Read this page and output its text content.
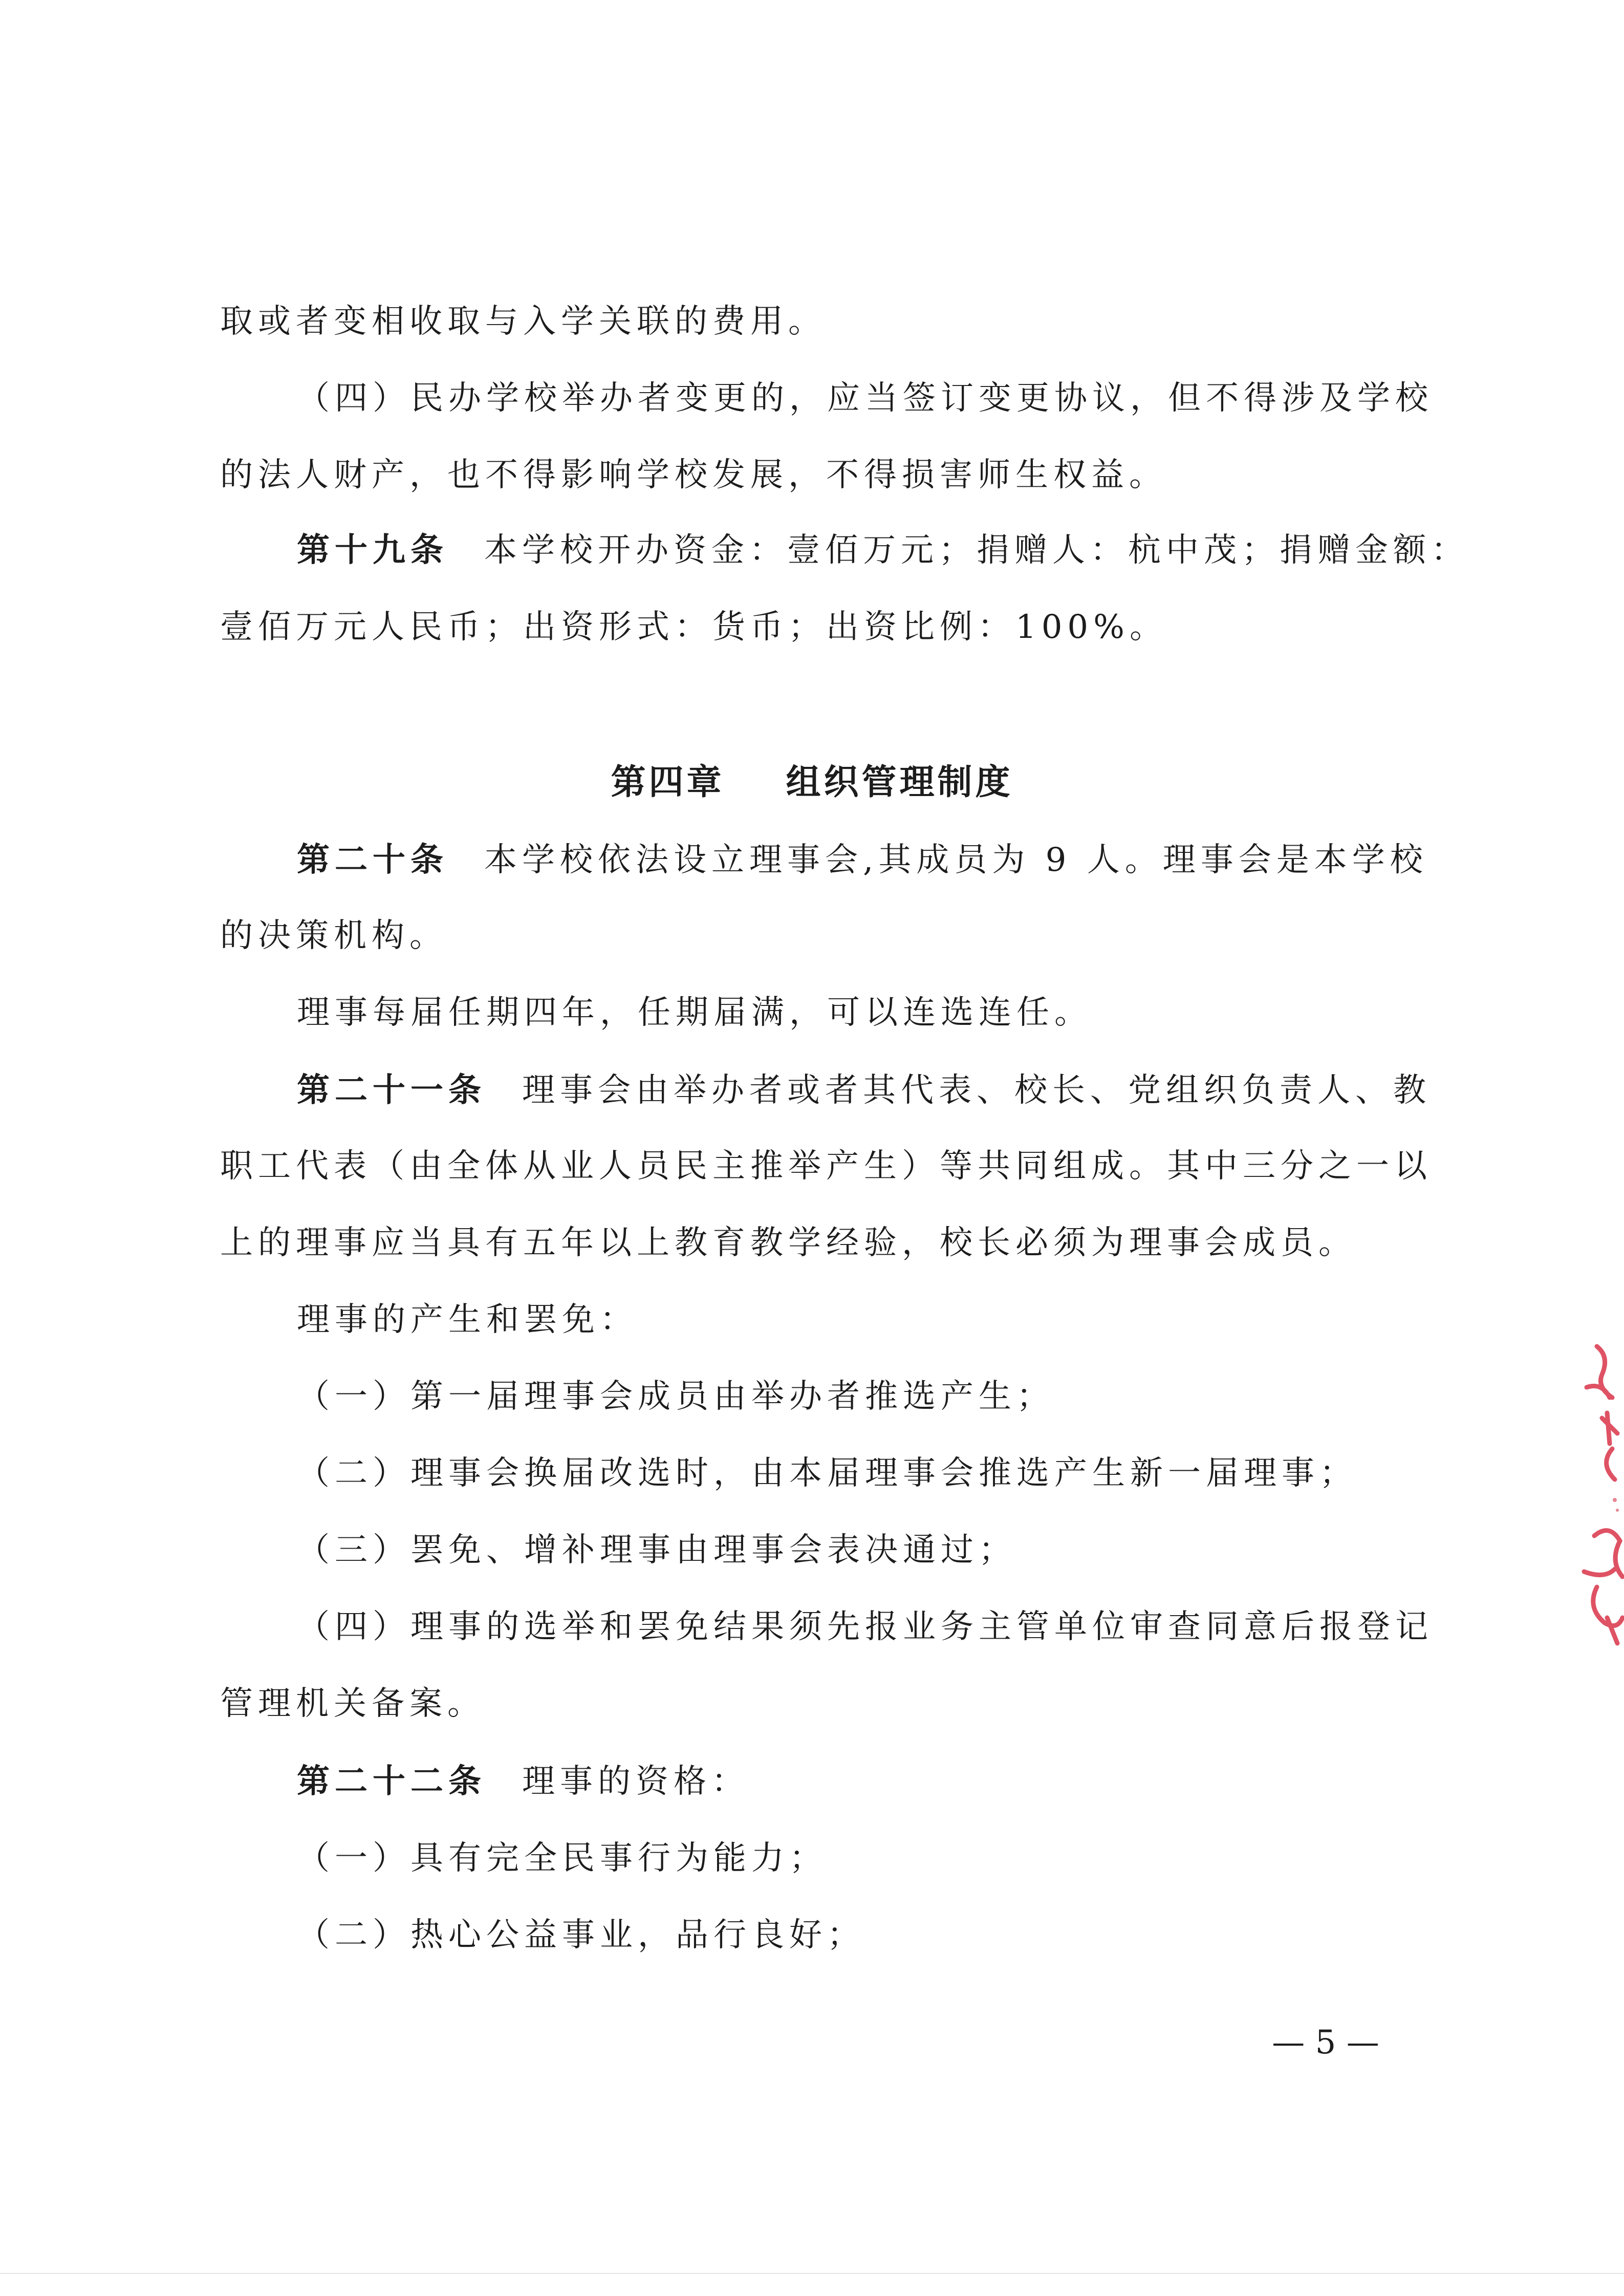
取或者变相收取与入学关联的费用。

（四）民办学校举办者变更的，应当签订变更协议，但不得涉及学校

的法人财产，也不得影响学校发展，不得损害师生权益。

第十九条 本学校开办资金：壹佰万元；捐赠人：杭中茂；捐赠金额：

壹佰万元人民币；出资形式：货币；出资比例：100%。

第四章 组织管理制度

第二十条 本学校依法设立理事会,其成员为 9 人。理事会是本学校

的决策机构。

理事每届任期四年，任期届满，可以连选连任。

第二十一条 理事会由举办者或者其代表、校长、党组织负责人、教

职工代表（由全体从业人员民主推举产生）等共同组成。其中三分之一以

上的理事应当具有五年以上教育教学经验，校长必须为理事会成员。

理事的产生和罢免：

（一）第一届理事会成员由举办者推选产生；

（二）理事会换届改选时，由本届理事会推选产生新一届理事；

（三）罢免、增补理事由理事会表决通过；

（四）理事的选举和罢免结果须先报业务主管单位审查同意后报登记

管理机关备案。

第二十二条 理事的资格：

（一）具有完全民事行为能力；

（二）热心公益事业，品行良好；

— 5 —
